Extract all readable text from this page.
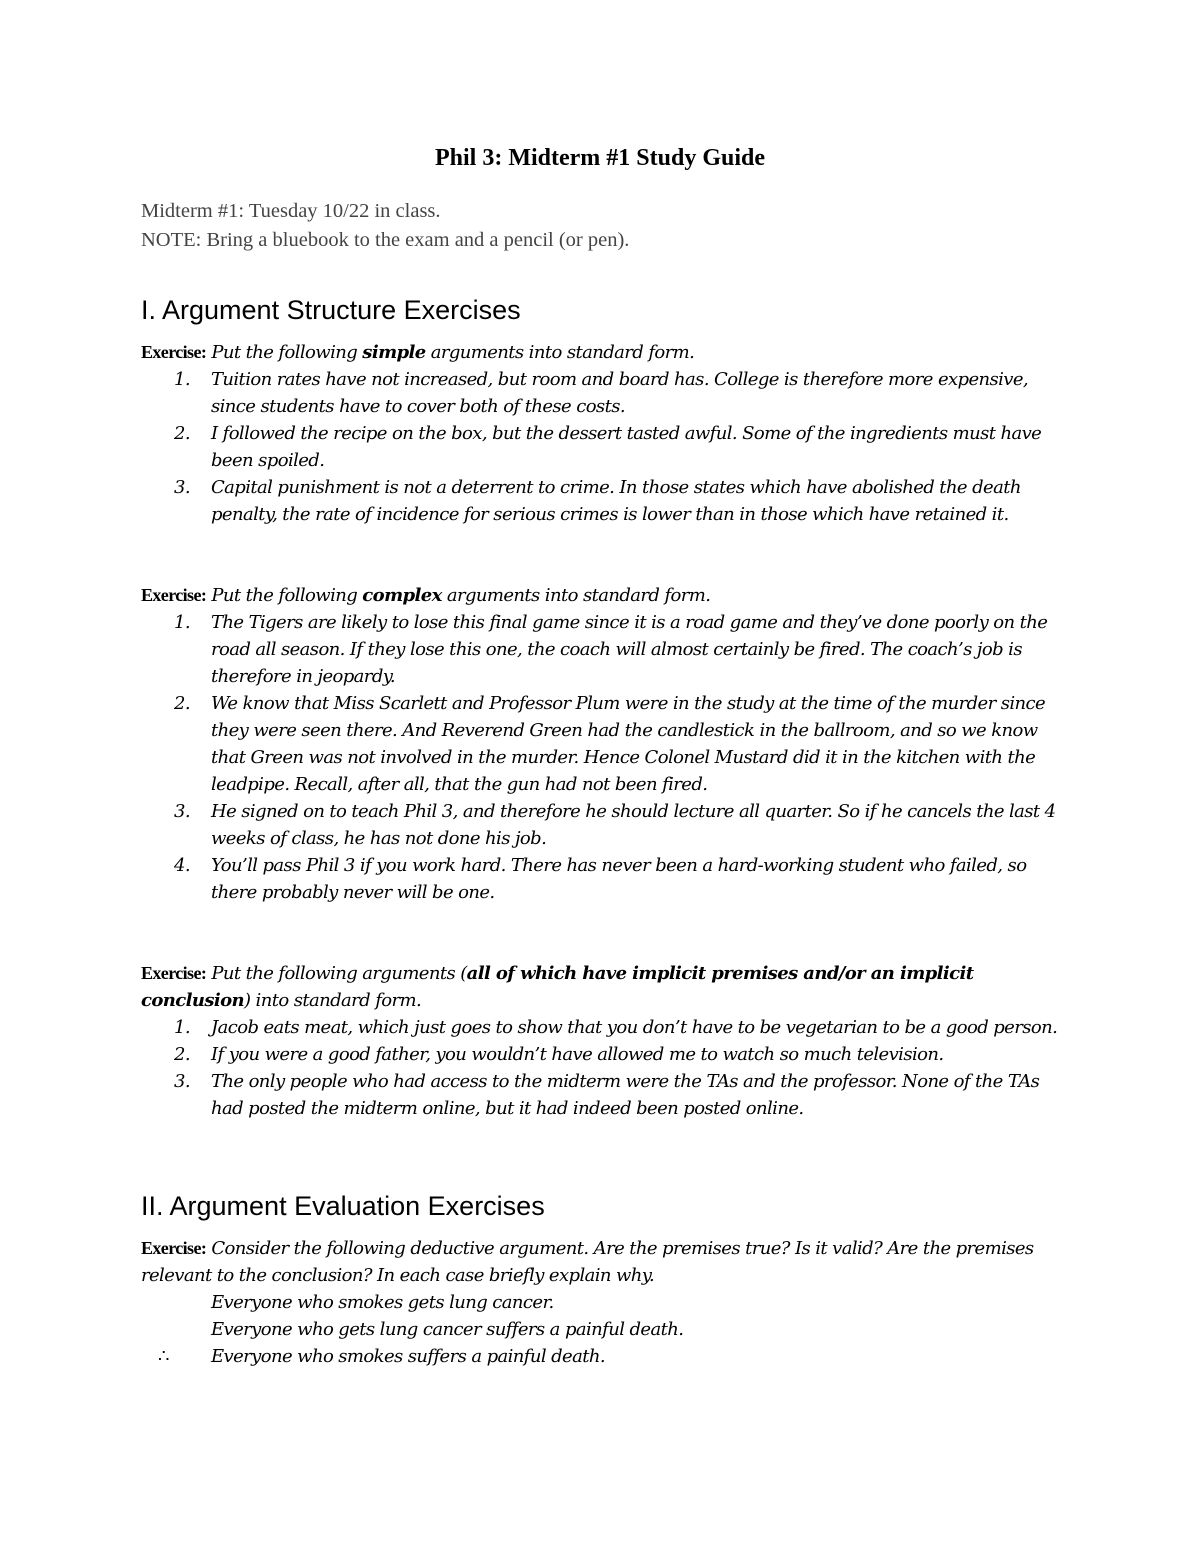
Phil 3: Midterm #1 Study Guide
Midterm #1: Tuesday 10/22 in class.
NOTE: Bring a bluebook to the exam and a pencil (or pen).
I. Argument Structure Exercises
Exercise: Put the following simple arguments into standard form.
1. Tuition rates have not increased, but room and board has. College is therefore more expensive, since students have to cover both of these costs.
2. I followed the recipe on the box, but the dessert tasted awful. Some of the ingredients must have been spoiled.
3. Capital punishment is not a deterrent to crime. In those states which have abolished the death penalty, the rate of incidence for serious crimes is lower than in those which have retained it.
Exercise: Put the following complex arguments into standard form.
1. The Tigers are likely to lose this final game since it is a road game and they’ve done poorly on the road all season. If they lose this one, the coach will almost certainly be fired. The coach’s job is therefore in jeopardy.
2. We know that Miss Scarlett and Professor Plum were in the study at the time of the murder since they were seen there. And Reverend Green had the candlestick in the ballroom, and so we know that Green was not involved in the murder. Hence Colonel Mustard did it in the kitchen with the leadpipe. Recall, after all, that the gun had not been fired.
3. He signed on to teach Phil 3, and therefore he should lecture all quarter. So if he cancels the last 4 weeks of class, he has not done his job.
4. You’ll pass Phil 3 if you work hard. There has never been a hard-working student who failed, so there probably never will be one.
Exercise: Put the following arguments (all of which have implicit premises and/or an implicit conclusion) into standard form.
1. Jacob eats meat, which just goes to show that you don’t have to be vegetarian to be a good person.
2. If you were a good father, you wouldn’t have allowed me to watch so much television.
3. The only people who had access to the midterm were the TAs and the professor. None of the TAs had posted the midterm online, but it had indeed been posted online.
II. Argument Evaluation Exercises
Exercise: Consider the following deductive argument. Are the premises true? Is it valid? Are the premises relevant to the conclusion? In each case briefly explain why.
Everyone who smokes gets lung cancer.
Everyone who gets lung cancer suffers a painful death.
∴ Everyone who smokes suffers a painful death.
